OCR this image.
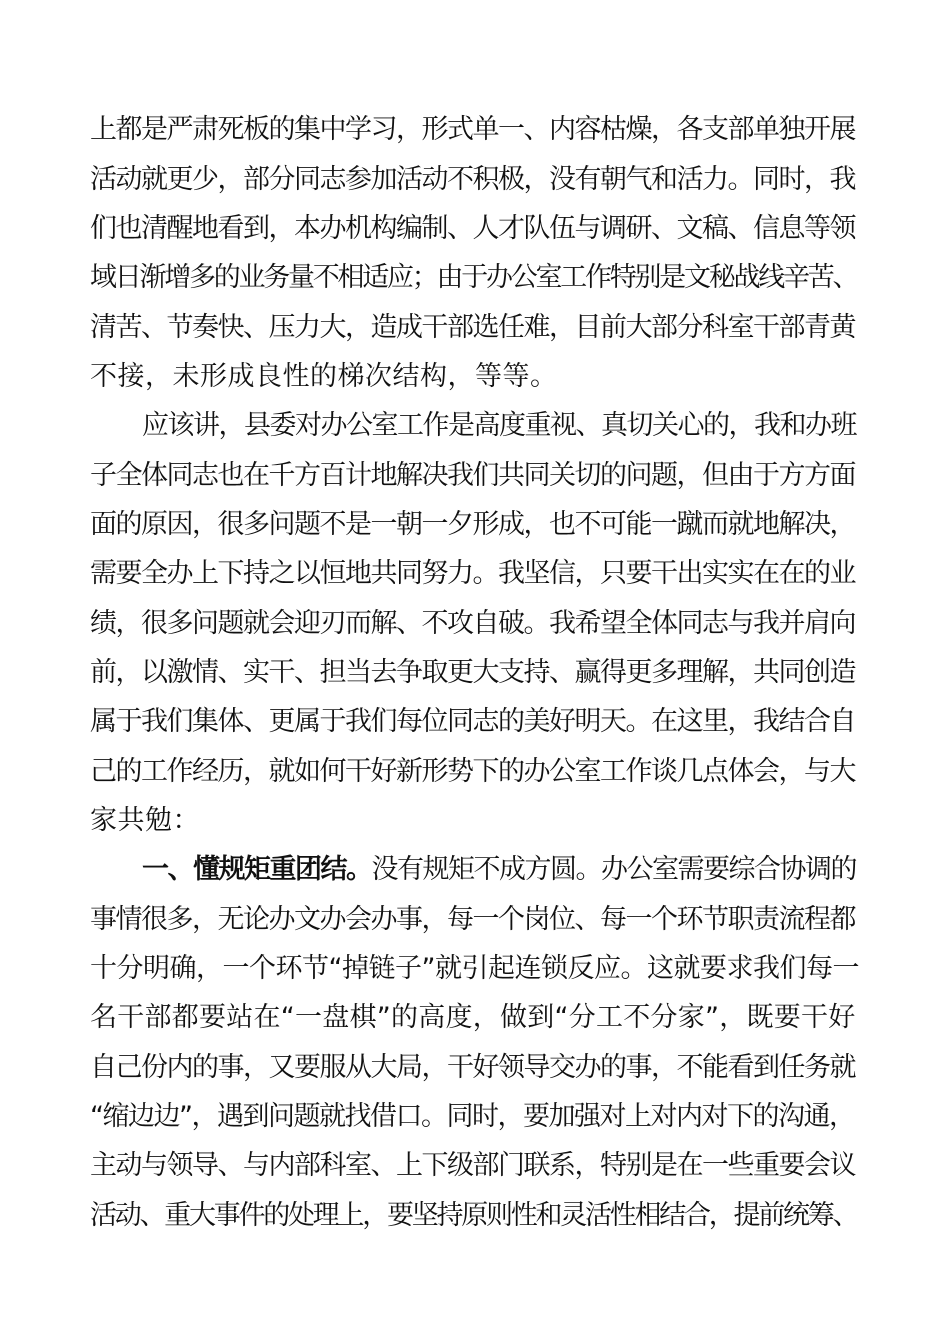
上都是严肃死板的集中学习，形式单一、内容枯燥，各支部单独开展
活动就更少，部分同志参加活动不积极，没有朝气和活力。同时，我
们也清醒地看到，本办机构编制、人才队伍与调研、文稿、信息等领
域日渐增多的业务量不相适应；由于办公室工作特别是文秘战线辛苦、
清苦、节奏快、压力大，造成干部选任难，目前大部分科室干部青黄
不接，未形成良性的梯次结构，等等。
应该讲，县委对办公室工作是高度重视、真切关心的，我和办班
子全体同志也在千方百计地解决我们共同关切的问题，但由于方方面
面的原因，很多问题不是一朝一夕形成，也不可能一蹴而就地解决，
需要全办上下持之以恒地共同努力。我坚信，只要干出实实在在的业
绩，很多问题就会迎刃而解、不攻自破。我希望全体同志与我并肩向
前，以激情、实干、担当去争取更大支持、赢得更多理解，共同创造
属于我们集体、更属于我们每位同志的美好明天。在这里，我结合自
己的工作经历，就如何干好新形势下的办公室工作谈几点体会，与大
家共勉：
一、懂规矩重团结。没有规矩不成方圆。办公室需要综合协调的
事情很多，无论办文办会办事，每一个岗位、每一个环节职责流程都
十分明确，一个环节“掉链子”就引起连锁反应。这就要求我们每一
名干部都要站在“一盘棋”的高度，做到“分工不分家”，既要干好
自己份内的事，又要服从大局，干好领导交办的事，不能看到任务就
“缩边边”，遇到问题就找借口。同时，要加强对上对内对下的沟通，
主动与领导、与内部科室、上下级部门联系，特别是在一些重要会议
活动、重大事件的处理上，要坚持原则性和灵活性相结合，提前统筹、
